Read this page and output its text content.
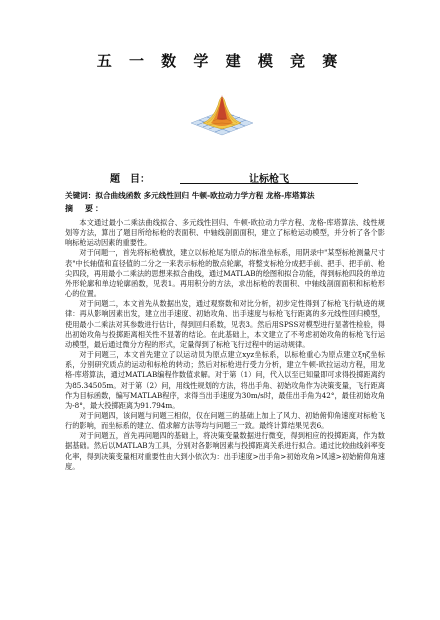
五 一 数 学 建 模 竞 赛
题　目：	让标枪飞
关键词：拟合曲线函数 多元线性回归 牛顿-欧拉动力学方程 龙格-库塔算法
摘　要：

本文通过最小二乘法曲线拟合、多元线性回归、牛顿-欧拉动力学方程、龙格-库塔算法、线性规划等方法，算出了题目所给标枪的表面积、中轴线剖面面积，建立了标枪运动模型，并分析了各个影响标枪运动因素的重要性。

对于问题一，首先将标枪横放，建立以标枪尾为原点的标准坐标系，用阴录中"某型标枪测量尺寸表"中长轴值和直径值的二分之一来表示标枪的散点轮廓，将整支标枪分成把手前、把手、把手前、枪尖四段，再用最小二乘法的思想来拟合曲线，通过MATLAB的绘图和拟合功能，得到标枪四段的单边外形轮廓和单边轮廓函数，见表1。再用积分的方法，求出标枪的表面积、中轴线剖面面积和标枪形心的位置。

对于问题二，本文首先从数据出发，通过观察数和对比分析，初步定性得到了标枪飞行轨迹的规律：再从影响因素出发，建立出手速度、初始攻角、出手速度与标枪飞行距离的多元线性回归模型，使用最小二乘法对其参数进行估计，得到回归系数，见表3。然后用SPSS对模型进行显著性检验，得出初始攻角与投掷距离相关性不显著的结论。在此基础上，本文建立了不考虑初始攻角的标枪飞行运动模型，最后通过微分方程的形式，定量得到了标枪飞行过程中的运动规律。

对于问题三，本文首先建立了以运动员为原点建立xyz坐标系，以标枪重心为原点建立ξηζ坐标系，分别研究质点的运动和标枪的转动；然后对标枪进行受力分析，建立牛顿-欧拉运动方程，用龙格-库塔算法，通过MATLAB编程作数值求解。对于第（1）问，代入以至已知量即可求得投掷距离约为85.34505m。对于第（2）问，用线性规划的方法，将出手角、初始攻角作为决策变量，飞行距离作为目标函数，编写MATLAB程序，求得当出手速度为30m/s时，最佳出手角为42°，最佳初始攻角为-8°，最大投掷距离为91.794m。

对于问题四，该问题与问题三相似，仅在问题三的基础上加上了风力、初始俯仰角速度对标枪飞行的影响，而坐标系的建立、值求解方法等均与问题三一致。最终计算结果见表6。

对于问题五，首先再问题四的基础上，将决策变量数据进行微变，得到相应的投掷距离，作为数据基础。然后以MATLAB为工具，分别对各影响因素与投掷距离关系进行拟合。通过比较曲线斜率变化率，得到决策变量相对重要性由大到小依次为：出手速度>出手角>初始攻角>风速>初始俯仰角速度。
